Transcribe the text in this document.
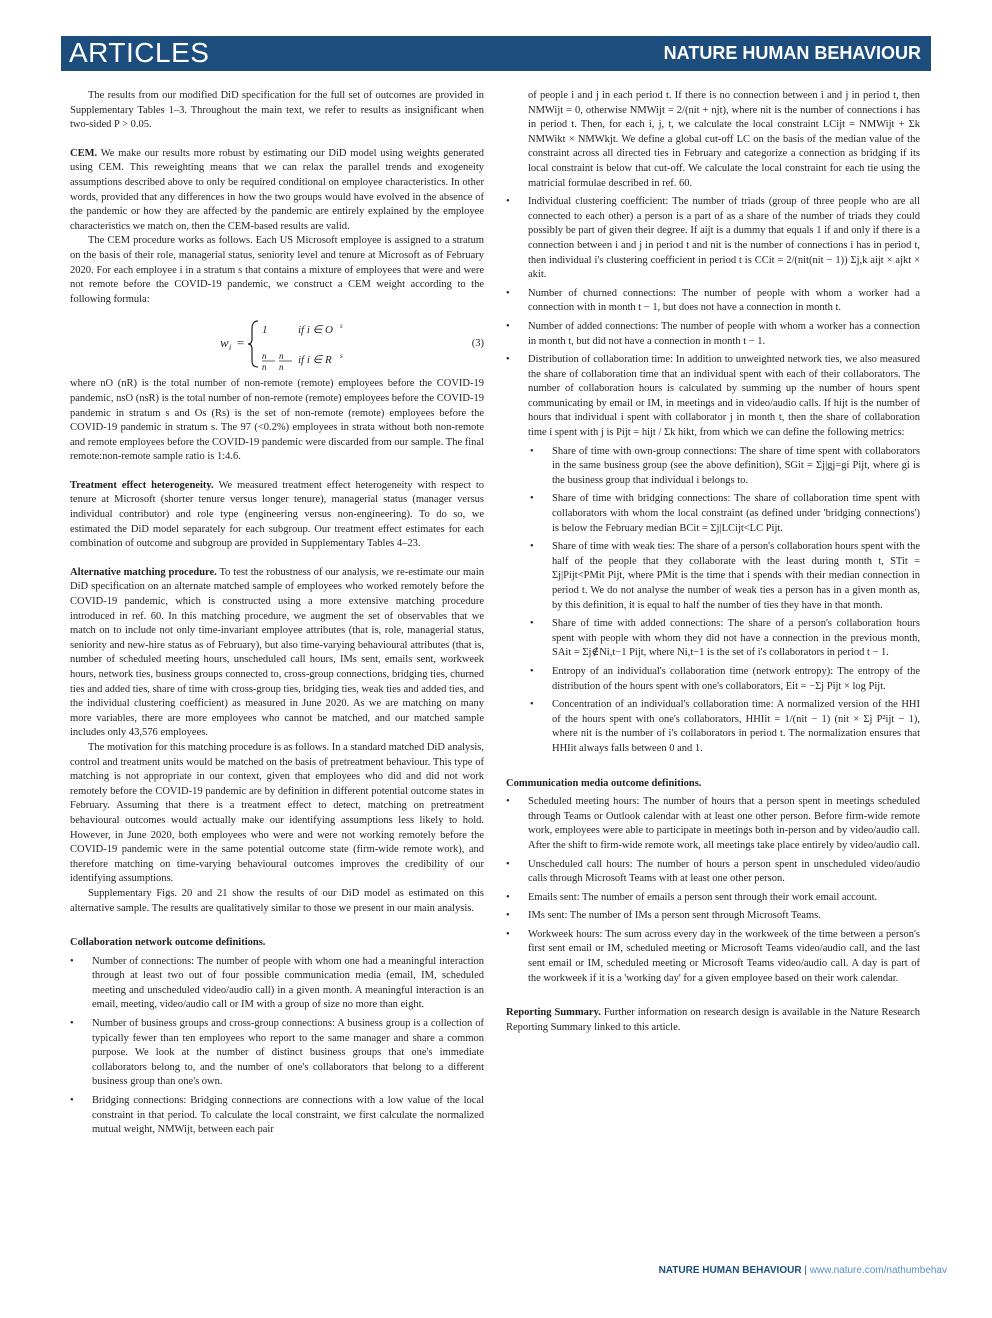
ARTICLES	NATURE HUMAN BEHAVIOUR

The results from our modified DiD specification for the full set of outcomes are provided in Supplementary Tables 1–3. Throughout the main text, we refer to results as insignificant when two-sided P > 0.05.

CEM. We make our results more robust by estimating our DiD model using weights generated using CEM. This reweighting means that we can relax the parallel trends and exogeneity assumptions described above to only be required conditional on employee characteristics. In other words, provided that any differences in how the two groups would have evolved in the absence of the pandemic or how they are affected by the pandemic are entirely explained by the employee characteristics we match on, then the CEM-based results are valid.

The CEM procedure works as follows. Each US Microsoft employee is assigned to a stratum on the basis of their role, managerial status, seniority level and tenure at Microsoft as of February 2020. For each employee i in a stratum s that contains a mixture of employees that were and were not remote before the COVID-19 pandemic, we construct a CEM weight according to the following formula:

w i =
1	if i ∈ O s
n
n
n
n
if i ∈ R s
(3)

where nO (nR) is the total number of non-remote (remote) employees before the COVID-19 pandemic, nsO (nsR) is the total number of non-remote (remote) employees before the COVID-19 pandemic in stratum s and Os (Rs) is the set of non-remote (remote) employees before the COVID-19 pandemic in stratum s. The 97 (<0.2%) employees in strata without both non-remote and remote employees before the COVID-19 pandemic were discarded from our sample. The final remote:non-remote sample ratio is 1:4.6.

Treatment effect heterogeneity. We measured treatment effect heterogeneity with respect to tenure at Microsoft (shorter tenure versus longer tenure), managerial status (manager versus individual contributor) and role type (engineering versus non-engineering). To do so, we estimated the DiD model separately for each subgroup. Our treatment effect estimates for each combination of outcome and subgroup are provided in Supplementary Tables 4–23.

Alternative matching procedure. To test the robustness of our analysis, we re-estimate our main DiD specification on an alternate matched sample of employees who worked remotely before the COVID-19 pandemic, which is constructed using a more extensive matching procedure introduced in ref. 60. In this matching procedure, we augment the set of observables that we match on to include not only time-invariant employee attributes (that is, role, managerial status, seniority and new-hire status as of February), but also time-varying behavioural attributes (that is, number of scheduled meeting hours, unscheduled call hours, IMs sent, emails sent, workweek hours, network ties, business groups connected to, cross-group connections, bridging ties, churned ties and added ties, share of time with cross-group ties, bridging ties, weak ties and added ties, and the individual clustering coefficient) as measured in June 2020. As we are matching on many more variables, there are more employees who cannot be matched, and our matched sample includes only 43,576 employees.

The motivation for this matching procedure is as follows. In a standard matched DiD analysis, control and treatment units would be matched on the basis of pretreatment behaviour. This type of matching is not appropriate in our context, given that employees who did and did not work remotely before the COVID-19 pandemic are by definition in different potential outcome states in February. Assuming that there is a treatment effect to detect, matching on pretreatment behavioural outcomes would actually make our identifying assumptions less likely to hold. However, in June 2020, both employees who were and were not working remotely before the COVID-19 pandemic were in the same potential outcome state (firm-wide remote work), and therefore matching on time-varying behavioural outcomes improves the credibility of our identifying assumptions.

Supplementary Figs. 20 and 21 show the results of our DiD model as estimated on this alternative sample. The results are qualitatively similar to those we present in our main analysis.

Collaboration network outcome definitions.

• Number of connections: The number of people with whom one had a meaningful interaction through at least two out of four possible communication media (email, IM, scheduled meeting and unscheduled video/audio call) in a given month. A meaningful interaction is an email, meeting, video/audio call or IM with a group of size no more than eight.
• Number of business groups and cross-group connections: A business group is a collection of typically fewer than ten employees who report to the same manager and share a common purpose. We look at the number of distinct business groups that one's immediate collaborators belong to, and the number of one's collaborators that belong to a different business group than one's own.
• Bridging connections: Bridging connections are connections with a low value of the local constraint in that period. To calculate the local constraint, we first calculate the normalized mutual weight, NMWijt, between each pair

of people i and j in each period t. If there is no connection between i and j in period t, then NMWijt = 0, otherwise NMWijt = 2/(nit + njt), where nit is the number of connections i has in period t. Then, for each i, j, t, we calculate the local constraint LCijt = NMWijt + Σk NMWikt × NMWkjt. We define a global cut-off LC on the basis of the median value of the constraint across all directed ties in February and categorize a connection as bridging if its local constraint is below that cut-off. We calculate the local constraint for each tie using the matricial formulae described in ref. 60.

• Individual clustering coefficient: The number of triads (group of three people who are all connected to each other) a person is a part of as a share of the number of triads they could possibly be part of given their degree. If aijt is a dummy that equals 1 if and only if there is a connection between i and j in period t and nit is the number of connections i has in period t, then individual i's clustering coefficient in period t is CCit = 2/(nit(nit − 1)) Σj,k aijt × ajkt × akit.
• Number of churned connections: The number of people with whom a worker had a connection with in month t − 1, but does not have a connection in month t.
• Number of added connections: The number of people with whom a worker has a connection in month t, but did not have a connection in month t − 1.
• Distribution of collaboration time: In addition to unweighted network ties, we also measured the share of collaboration time that an individual spent with each of their collaborators. The number of collaboration hours is calculated by summing up the number of hours spent communicating by email or IM, in meetings and in video/audio calls. If hijt is the number of hours that individual i spent with collaborator j in month t, then the share of collaboration time i spent with j is Pijt = hijt / Σk hikt, from which we can define the following metrics:
• Share of time with own-group connections: The share of time spent with collaborators in the same business group (see the above definition), SGit = Σj|gj=gi Pijt, where gi is the business group that individual i belongs to.
• Share of time with bridging connections: The share of collaboration time spent with collaborators with whom the local constraint (as defined under 'bridging connections') is below the February median BCit = Σj|LCijt<LC Pijt.
• Share of time with weak ties: The share of a person's collaboration hours spent with the half of the people that they collaborate with the least during month t, STit = Σj|Pijt<PMit Pijt, where PMit is the time that i spends with their median connection in period t. We do not analyse the number of weak ties a person has in a given month as, by this definition, it is equal to half the number of ties they have in that month.
• Share of time with added connections: The share of a person's collaboration hours spent with people with whom they did not have a connection in the previous month, SAit = Σj∉Ni,t−1 Pijt, where Ni,t−1 is the set of i's collaborators in period t − 1.
• Entropy of an individual's collaboration time (network entropy): The entropy of the distribution of the hours spent with one's collaborators, Eit = −Σj Pijt × log Pijt.
• Concentration of an individual's collaboration time: A normalized version of the HHI of the hours spent with one's collaborators, HHIit = 1/(nit − 1) (nit × Σj P²ijt − 1), where nit is the number of i's collaborators in period t. The normalization ensures that HHIit always falls between 0 and 1.

Communication media outcome definitions.

• Scheduled meeting hours: The number of hours that a person spent in meetings scheduled through Teams or Outlook calendar with at least one other person. Before firm-wide remote work, employees were able to participate in meetings both in-person and by video/audio call. After the shift to firm-wide remote work, all meetings take place entirely by video/audio call.
• Unscheduled call hours: The number of hours a person spent in unscheduled video/audio calls through Microsoft Teams with at least one other person.
• Emails sent: The number of emails a person sent through their work email account.
• IMs sent: The number of IMs a person sent through Microsoft Teams.
• Workweek hours: The sum across every day in the workweek of the time between a person's first sent email or IM, scheduled meeting or Microsoft Teams video/audio call, and the last sent email or IM, scheduled meeting or Microsoft Teams video/audio call. A day is part of the workweek if it is a 'working day' for a given employee based on their work calendar.

Reporting Summary. Further information on research design is available in the Nature Research Reporting Summary linked to this article.

NATURE HUMAN BEHAVIOUR | www.nature.com/nathumbehav
